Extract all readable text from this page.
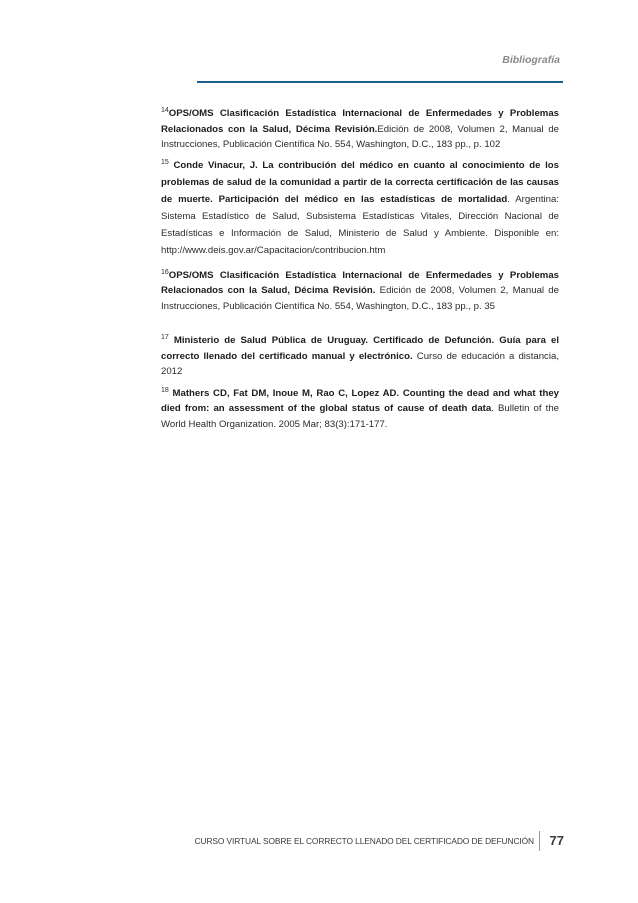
Bibliografía

$^{14}$OPS/OMS Clasificación Estadística Internacional de Enfermedades y Problemas Relacionados con la Salud, Décima Revisión.Edición de 2008, Volumen 2, Manual de Instrucciones, Publicación Científica No. 554, Washington, D.C., 183 pp., p. 102

$^{15}$ Conde Vinacur, J. La contribución del médico en cuanto al conocimiento de los problemas de salud de la comunidad a partir de la correcta certificación de las causas de muerte. Participación del médico en las estadísticas de mortalidad. Argentina: Sistema Estadístico de Salud, Subsistema Estadísticas Vitales, Dirección Nacional de Estadísticas e Información de Salud, Ministerio de Salud y Ambiente. Disponible en: http://www.deis.gov.ar/Capacitacion/contribucion.htm

$^{16}$OPS/OMS Clasificación Estadística Internacional de Enfermedades y Problemas Relacionados con la Salud, Décima Revisión. Edición de 2008, Volumen 2, Manual de Instrucciones, Publicación Científica No. 554, Washington, D.C., 183 pp., p. 35

$^{17}$ Ministerio de Salud Pública de Uruguay. Certificado de Defunción. Guía para el correcto llenado del certificado manual y electrónico. Curso de educación a distancia, 2012

$^{18}$ Mathers CD, Fat DM, Inoue M, Rao C, Lopez AD. Counting the dead and what they died from: an assessment of the global status of cause of death data. Bulletin of the World Health Organization. 2005 Mar; 83(3):171-177.

CURSO VIRTUAL SOBRE EL CORRECTO LLENADO DEL CERTIFICADO DE DEFUNCIÓN 77
